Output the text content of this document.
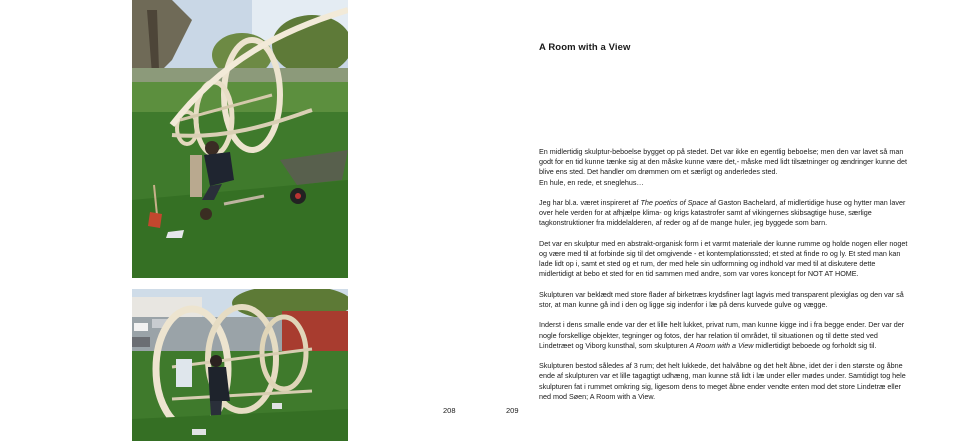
208	209
A Room with a View

En midlertidig skulptur-beboelse bygget op på stedet. Det var ikke en egentlig beboelse; men den var lavet så man godt for en tid kunne tænke sig at den måske kunne være det,- måske med lidt tilsætninger og ændringer kunne det blive ens sted. Det handler om drømmen om et særligt og anderledes sted.

En hule, en rede, et sneglehus…

Jeg har bl.a. været inspireret af The poetics of Space af Gaston Bachelard, af midlertidige huse og hytter man laver over hele verden for at afhjælpe klima- og krigs katastrofer samt af vikingernes skibsagtige huse, særlige tagkonstruktioner fra middelalderen, af reder og af de mange huler, jeg byggede som barn.

Det var en skulptur med en abstrakt-organisk form i et varmt materiale der kunne rumme og holde nogen eller noget og være med til at forbinde sig til det omgivende - et kontemplationssted; et sted at finde ro og ly. Et sted man kan lade lidt op i, samt et sted og et rum, der med hele sin udformning og indhold var med til at diskutere dette midlertidigt at bebo et sted for en tid sammen med andre, som var vores koncept for NOT AT HOME.

Skulpturen var beklædt med store flader af birketræs krydsfiner lagt lagvis med transparent plexiglas og den var så stor, at man kunne gå ind i den og ligge sig indenfor i læ på dens kurvede gulve og vægge.

Inderst i dens smalle ende var der et lille helt lukket, privat rum, man kunne kigge ind i fra begge ender. Der var der nogle forskellige objekter, tegninger og fotos, der har relation til området, til situationen og til dette sted ved Lindetræet og Viborg kunsthal, som skulpturen A Room with a View midlertidigt beboede og forholdt sig til.

Skulpturen bestod således af 3 rum; det helt lukkede, det halvåbne og det helt åbne, idet der i den største og åbne ende af skulpturen var et lille tagagtigt udhæng, man kunne stå lidt i læ under eller mødes under. Samtidigt tog hele skulpturen fat i rummet omkring sig, ligesom dens to meget åbne ender vendte enten mod det store Lindetræ eller ned mod Søen; A Room with a View.
